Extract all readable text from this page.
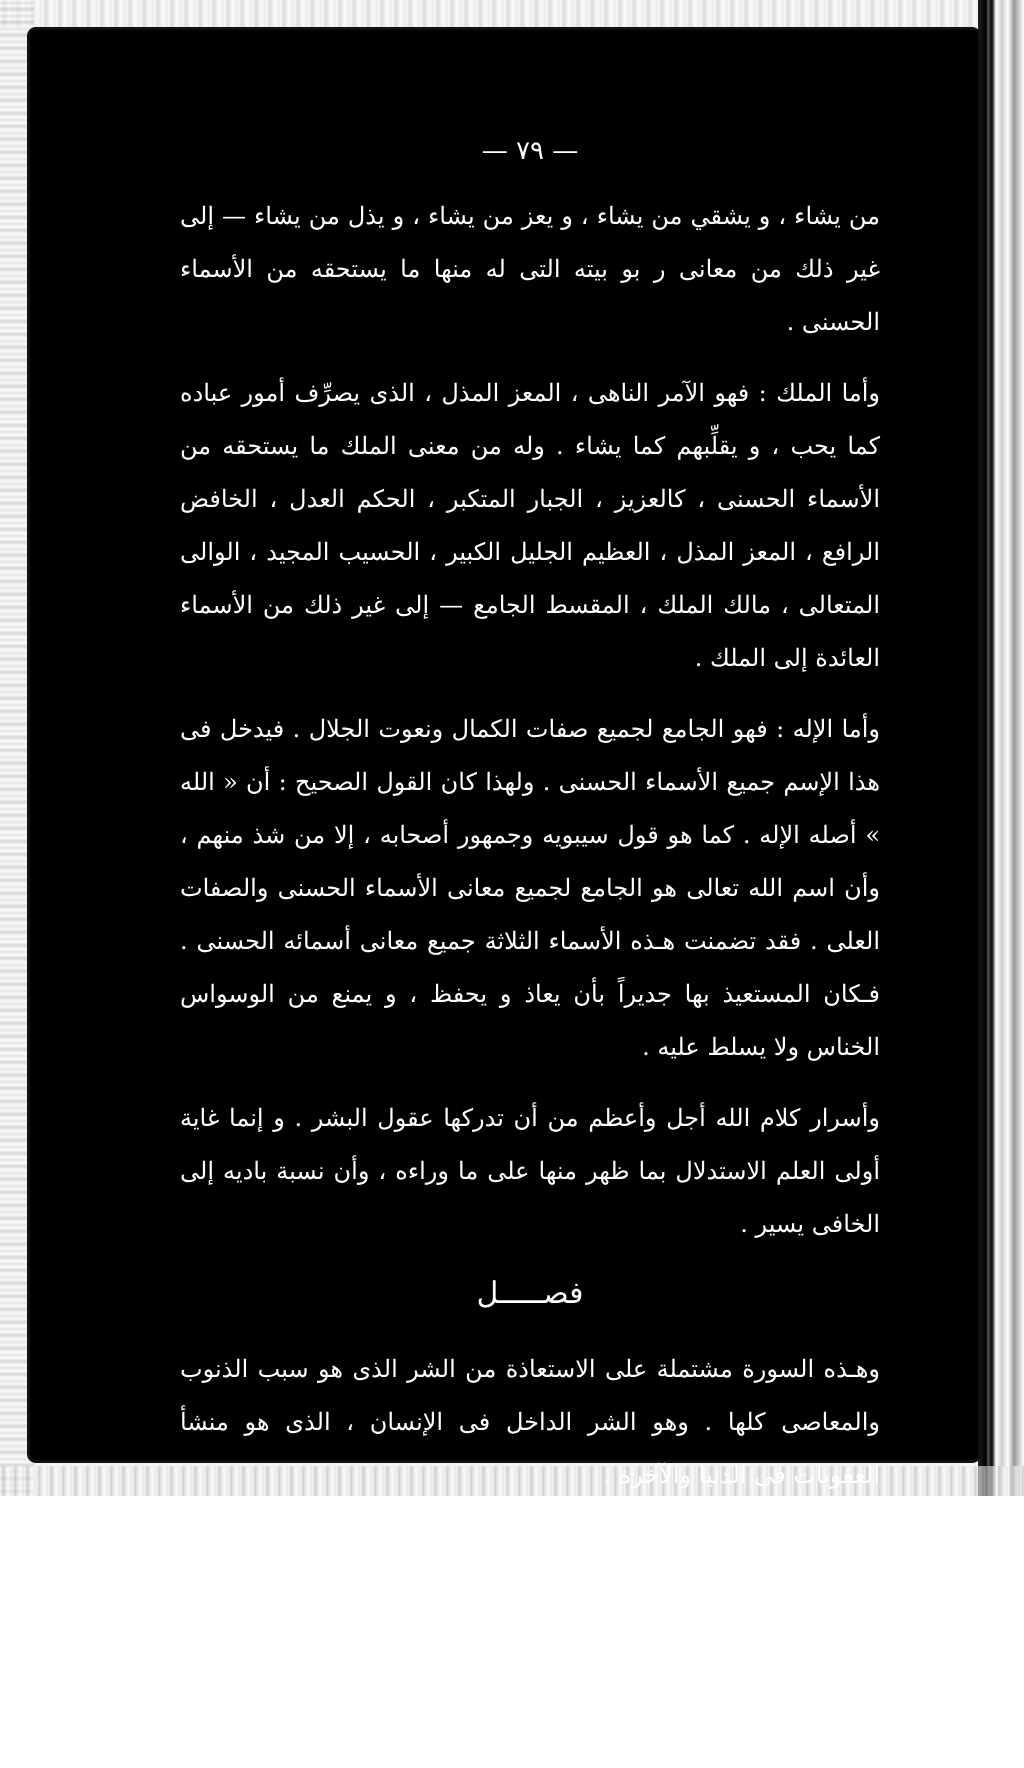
— ٧٩ —

من يشاء ، و يشقي من يشاء ، و يعز من يشاء ، و يذل من يشاء — إلى غير ذلك من معانى ر بو بيته التى له منها ما يستحقه من الأسماء الحسنى .

وأما الملك : فهو الآمر الناهى ، المعز المذل ، الذى يصرِّف أمور عباده كما يحب ، و يقلِّبهم كما يشاء . وله من معنى الملك ما يستحقه من الأسماء الحسنى ، كالعزيز ، الجبار المتكبر ، الحكم العدل ، الخافض الرافع ، المعز المذل ، العظيم الجليل الكبير ، الحسيب المجيد ، الوالى المتعالى ، مالك الملك ، المقسط الجامع — إلى غير ذلك من الأسماء العائدة إلى الملك .

وأما الإله : فهو الجامع لجميع صفات الكمال ونعوت الجلال . فيدخل فى هذا الإسم جميع الأسماء الحسنى . ولهذا كان القول الصحيح : أن « الله » أصله الإله . كما هو قول سيبويه وجمهور أصحابه ، إلا من شذ منهم ، وأن اسم الله تعالى هو الجامع لجميع معانى الأسماء الحسنى والصفات العلى . فقد تضمنت هـذه الأسماء الثلاثة جميع معانى أسمائه الحسنى . فـكان المستعيذ بها جديراً بأن يعاذ و يحفظ ، و يمنع من الوسواس الخناس ولا يسلط عليه .

وأسرار كلام الله أجل وأعظم من أن تدركها عقول البشر . و إنما غاية أولى العلم الاستدلال بما ظهر منها على ما وراءه ، وأن نسبة بادیه إلى الخافى يسير .

فصـــــل

وهـذه السورة مشتملة على الاستعاذة من الشر الذى هو سبب الذنوب والمعاصى كلها . وهو الشر الداخل فى الإنسان ، الذى هو منشأ العقوبات فى الدنيا والآخرة .

فسورة الفلق : تضمنت الاستعاذة من الشر الذى هو ظلم الغـير له بالسحر والحسد . وهو شر من خارج .

وسورة الناس : تضمنت الاستعاذة من الشر الذى هو سبب ظلم العبد نفسه وهو شر من داخل .
